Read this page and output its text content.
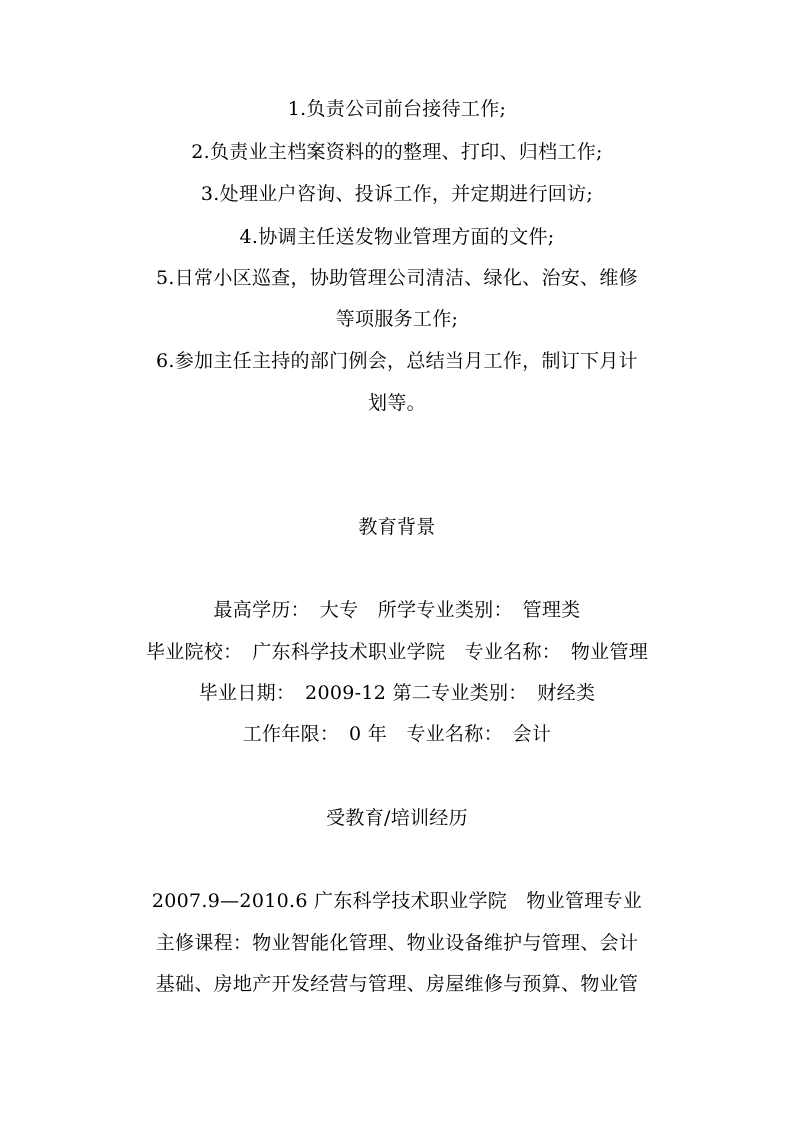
1.负责公司前台接待工作;
2.负责业主档案资料的的整理、打印、归档工作;
3.处理业户咨询、投诉工作，并定期进行回访;
4.协调主任送发物业管理方面的文件;
5.日常小区巡查，协助管理公司清洁、绿化、治安、维修
等项服务工作;
6.参加主任主持的部门例会，总结当月工作，制订下月计
划等。
教育背景
最高学历：　大专　所学专业类别：　管理类
毕业院校：　广东科学技术职业学院　专业名称：　物业管理
毕业日期：　2009-12 第二专业类别：　财经类
工作年限：　0 年　专业名称：　会计
受教育/培训经历
2007.9—2010.6 广东科学技术职业学院　物业管理专业
主修课程：物业智能化管理、物业设备维护与管理、会计
基础、房地产开发经营与管理、房屋维修与预算、物业管
